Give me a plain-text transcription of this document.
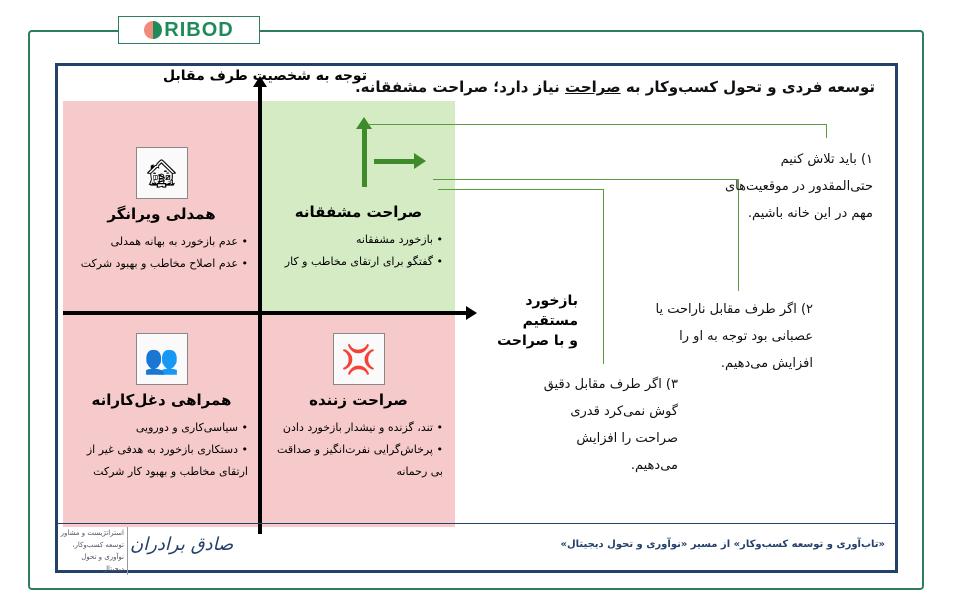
RIBOD
توسعه فردی و تحول کسب‌وکار به صراحت نیاز دارد؛ صراحت مشفقانه.
توجه به شخصیت طرف مقابل
🏚
همدلی ویرانگر
• عدم بازخورد به بهانه همدلی
• عدم اصلاح مخاطب و بهبود شرکت
صراحت مشفقانه
• بازخورد مشفقانه
• گفتگو برای ارتقای مخاطب و کار
👥
همراهی دغل‌کارانه
• سیاسی‌کاری و دورویی
• دستکاری بازخورد به هدفی غیر از ارتقای مخاطب و بهبود کار شرکت
💢
صراحت زننده
• تند، گزنده و نیشدار بازخورد دادن
• پرخاش‌گرایی نفرت‌انگیز و صداقت بی رحمانه
بازخورد مستقیم
و با صراحت
۱) باید تلاش کنیم حتی‌المقدور در موقعیت‌های مهم در این خانه باشیم.
۲) اگر طرف مقابل ناراحت یا عصبانی بود توجه به او را افزایش می‌دهیم.
۳) اگر طرف مقابل دقیق گوش نمی‌کرد قدری صراحت را افزایش می‌دهیم.
«تاب‌آوری و توسعه کسب‌وکار» از مسیر «نوآوری و تحول دیجیتال»
صادق برادران
استراتژیست و مشاور
توسعه کسب‌وکار،
نوآوری و تحول دیجیتال
